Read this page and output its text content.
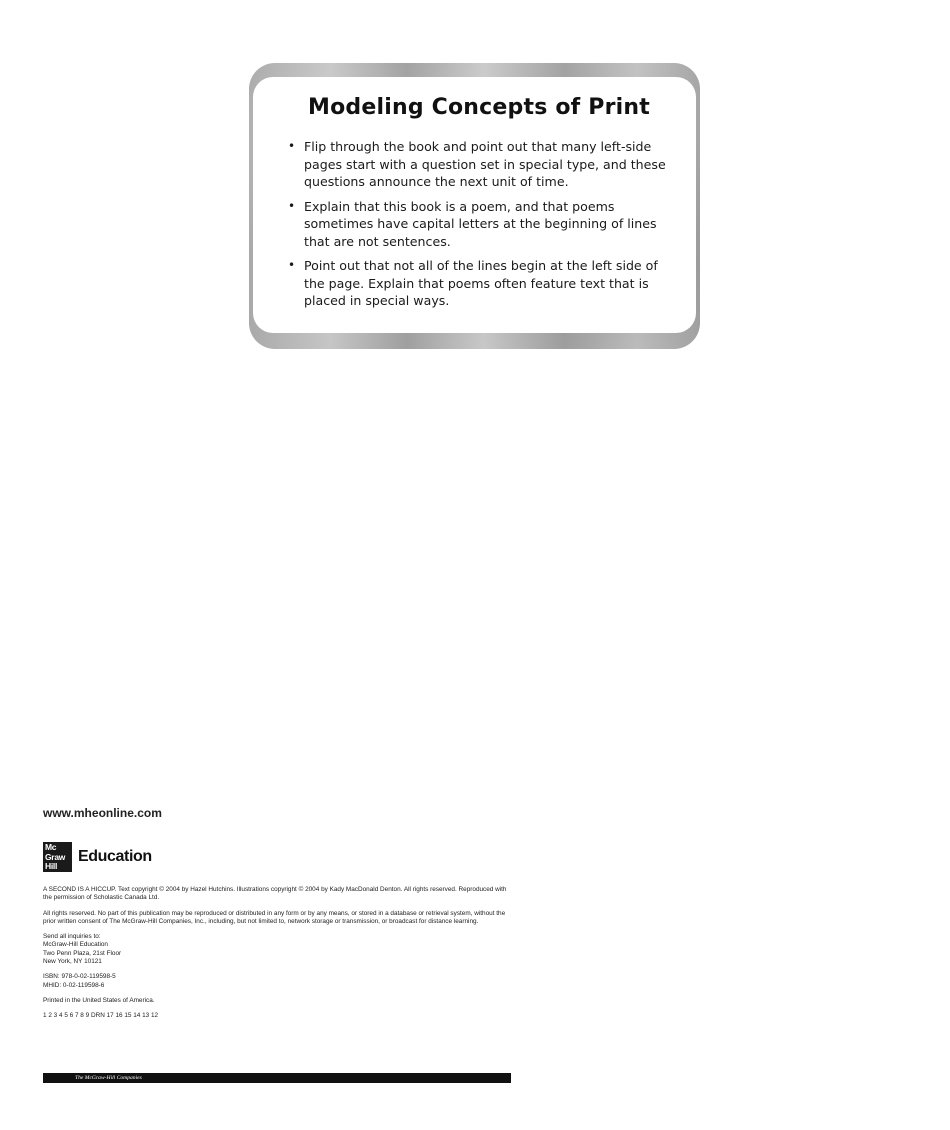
Modeling Concepts of Print
• Flip through the book and point out that many left-side pages start with a question set in special type, and these questions announce the next unit of time.
• Explain that this book is a poem, and that poems sometimes have capital letters at the beginning of lines that are not sentences.
• Point out that not all of the lines begin at the left side of the page. Explain that poems often feature text that is placed in special ways.
www.mheonline.com
Mc
Graw
Hill
Education

A SECOND IS A HICCUP. Text copyright © 2004 by Hazel Hutchins. Illustrations copyright © 2004 by Kady MacDonald Denton. All rights reserved. Reproduced with the permission of Scholastic Canada Ltd.

All rights reserved. No part of this publication may be reproduced or distributed in any form or by any means, or stored in a database or retrieval system, without the prior written consent of The McGraw-Hill Companies, Inc., including, but not limited to, network storage or transmission, or broadcast for distance learning.

Send all inquiries to:
McGraw-Hill Education
Two Penn Plaza, 21st Floor
New York, NY 10121

ISBN: 978-0-02-119598-5
MHID: 0-02-119598-6

Printed in the United States of America.

1 2 3 4 5 6 7 8 9 DRN 17 16 15 14 13 12

The McGraw-Hill Companies
